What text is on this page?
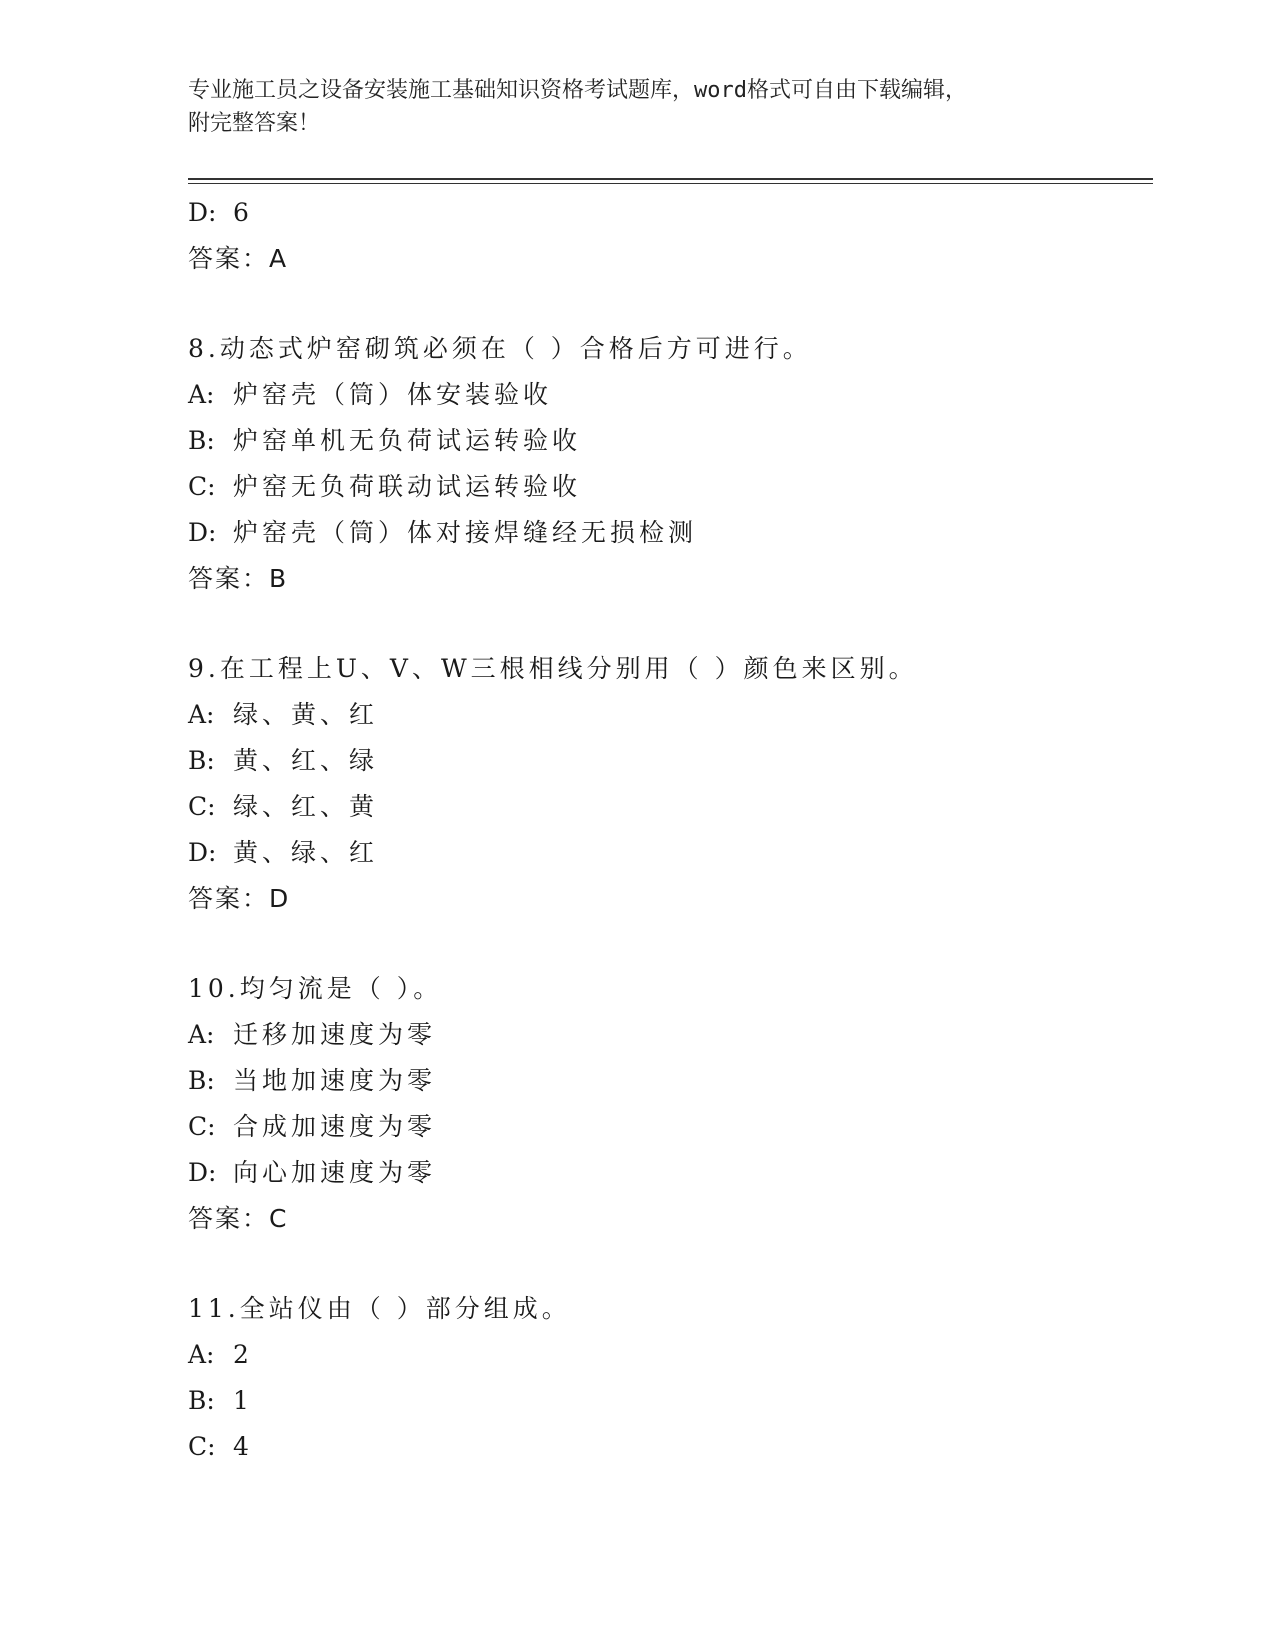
专业施工员之设备安装施工基础知识资格考试题库，word格式可自由下载编辑，
附完整答案！
D: 6
答案：A
8.动态式炉窑砌筑必须在（ ）合格后方可进行。
A: 炉窑壳（筒）体安装验收
B: 炉窑单机无负荷试运转验收
C: 炉窑无负荷联动试运转验收
D: 炉窑壳（筒）体对接焊缝经无损检测
答案：B
9.在工程上U、V、W三根相线分别用（ ）颜色来区别。
A: 绿、黄、红
B: 黄、红、绿
C: 绿、红、黄
D: 黄、绿、红
答案：D
10.均匀流是（ ）。
A: 迁移加速度为零
B: 当地加速度为零
C: 合成加速度为零
D: 向心加速度为零
答案：C
11.全站仪由（ ）部分组成。
A: 2
B: 1
C: 4
